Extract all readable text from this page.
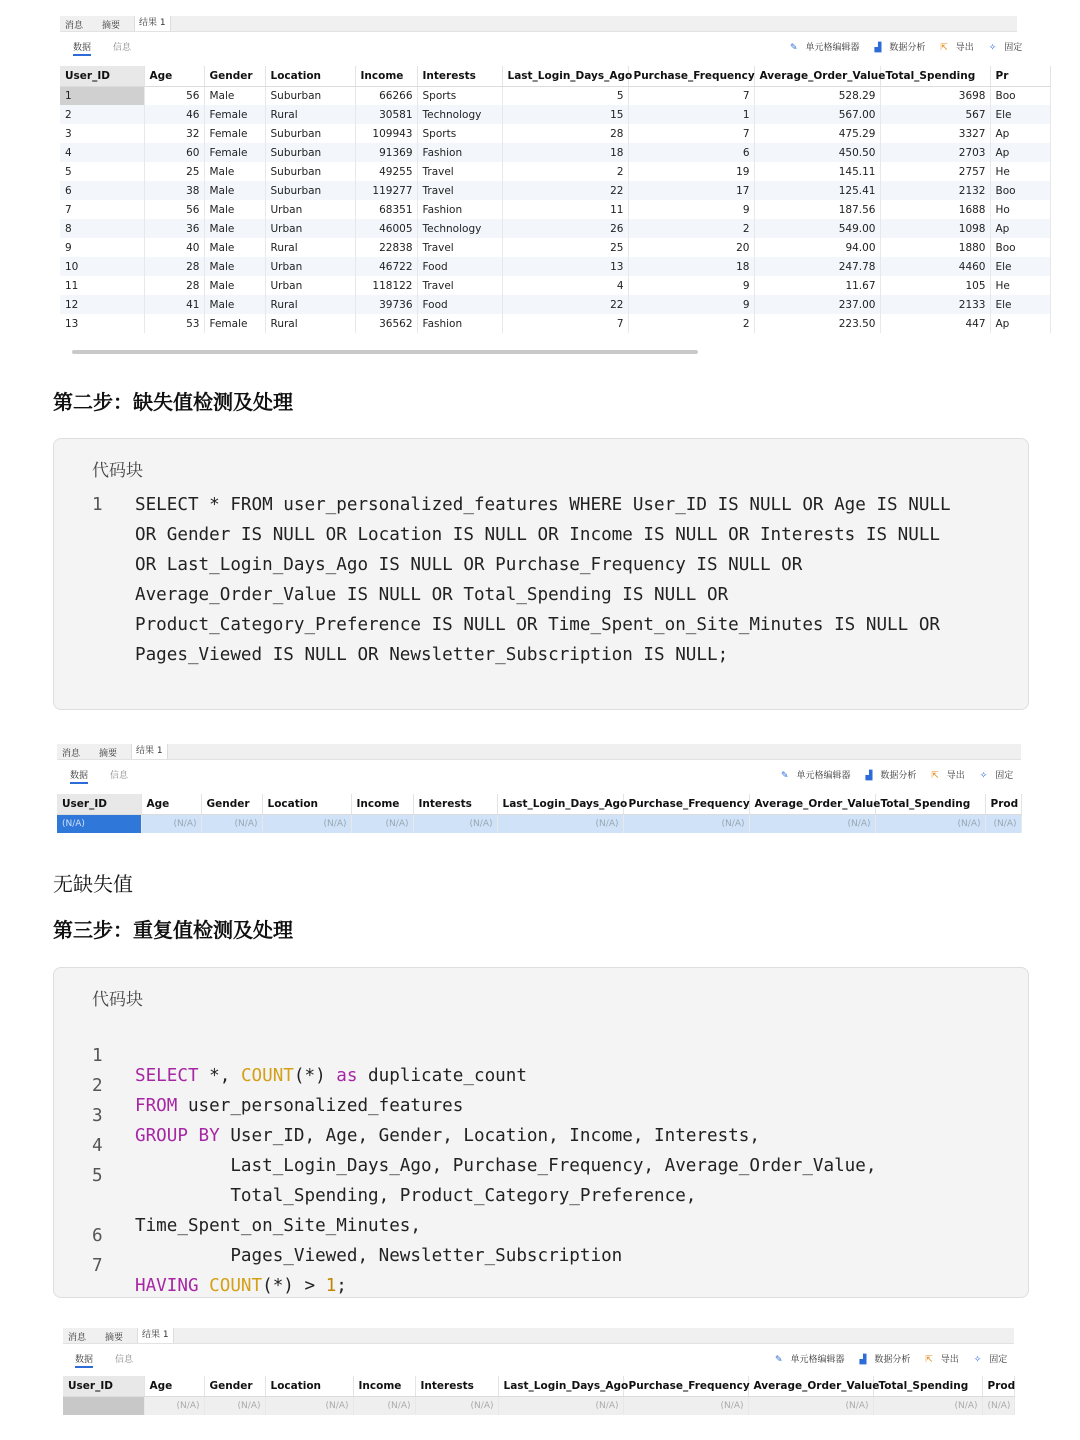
消息 摘要	结果 1
数据 信息	✎ 单元格编辑器 ▟ 数据分析 ⇱ 导出 ✧ 固定
User_ID	Age	Gender	Location	Income	Interests	Last_Login_Days_Ago	Purchase_Frequency	Average_Order_Value	Total_Spending	Pr
1	56	Male	Suburban	66266	Sports	5	7	528.29	3698	Boo
2	46	Female	Rural	30581	Technology	15	1	567.00	567	Ele
3	32	Female	Suburban	109943	Sports	28	7	475.29	3327	Ap
4	60	Female	Suburban	91369	Fashion	18	6	450.50	2703	Ap
5	25	Male	Suburban	49255	Travel	2	19	145.11	2757	He
6	38	Male	Suburban	119277	Travel	22	17	125.41	2132	Boo
7	56	Male	Urban	68351	Fashion	11	9	187.56	1688	Ho
8	36	Male	Urban	46005	Technology	26	2	549.00	1098	Ap
9	40	Male	Rural	22838	Travel	25	20	94.00	1880	Boo
10	28	Male	Urban	46722	Food	13	18	247.78	4460	Ele
11	28	Male	Urban	118122	Travel	4	9	11.67	105	He
12	41	Male	Rural	39736	Food	22	9	237.00	2133	Ele
13	53	Female	Rural	36562	Fashion	7	2	223.50	447	Ap
第二步：缺失值检测及处理
代码块
1	SELECT * FROM user_personalized_features WHERE User_ID IS NULL OR Age IS NULL
OR Gender IS NULL OR Location IS NULL OR Income IS NULL OR Interests IS NULL
OR Last_Login_Days_Ago IS NULL OR Purchase_Frequency IS NULL OR
Average_Order_Value IS NULL OR Total_Spending IS NULL OR
Product_Category_Preference IS NULL OR Time_Spent_on_Site_Minutes IS NULL OR
Pages_Viewed IS NULL OR Newsletter_Subscription IS NULL;
消息 摘要	结果 1
数据 信息	✎ 单元格编辑器 ▟ 数据分析 ⇱ 导出 ✧ 固定
User_ID	Age	Gender	Location	Income	Interests	Last_Login_Days_Ago	Purchase_Frequency	Average_Order_Value	Total_Spending	Prod
(N/A)	(N/A)	(N/A)	(N/A)	(N/A)	(N/A)	(N/A)	(N/A)	(N/A)	(N/A)	(N/A)
无缺失值
第三步：重复值检测及处理
代码块

1

SELECT *, COUNT(*) as duplicate_count

2

FROM user_personalized_features

3

GROUP BY User_ID, Age, Gender, Location, Income, Interests,

4

Last_Login_Days_Ago, Purchase_Frequency, Average_Order_Value,

5

Total_Spending, Product_Category_Preference,

Time_Spent_on_Site_Minutes,

6

Pages_Viewed, Newsletter_Subscription

7

HAVING COUNT(*) > 1;

消息 摘要	结果 1
数据 信息	✎ 单元格编辑器 ▟ 数据分析 ⇱ 导出 ✧ 固定
User_ID	Age	Gender	Location	Income	Interests	Last_Login_Days_Ago	Purchase_Frequency	Average_Order_Value	Total_Spending	Prod
	(N/A)	(N/A)	(N/A)	(N/A)	(N/A)	(N/A)	(N/A)	(N/A)	(N/A)	(N/A)
